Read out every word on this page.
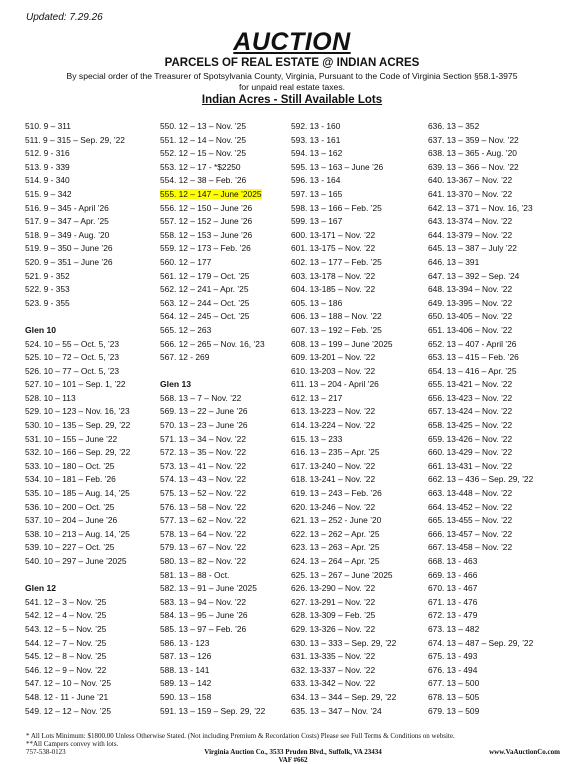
Updated: 7.29.26
AUCTION
PARCELS OF REAL ESTATE @ INDIAN ACRES
By special order of the Treasurer of Spotsylvania County, Virginia, Pursuant to the Code of Virginia Section §58.1-3975
for unpaid real estate taxes.
Indian Acres - Still Available Lots
510. 9 – 311
511. 9 – 315 – Sep. 29, ’22
512. 9 - 316
513. 9 - 339
514. 9 - 340
515. 9 – 342
516. 9 – 345 - April ’26
517. 9 – 347 – Apr. ’25
518. 9 – 349 - Aug. ’20
519. 9 – 350 – June ’26
520. 9 – 351 – June ’26
521. 9 - 352
522. 9 - 353
523. 9 - 355
Glen 10
524. 10 – 55 – Oct. 5, ’23
525. 10 – 72 – Oct. 5, ’23
526. 10 – 77 – Oct. 5, ’23
527. 10 – 101 – Sep. 1, ’22
528. 10 – 113
529. 10 – 123 – Nov. 16, ’23
530. 10 – 135 – Sep. 29, ’22
531. 10 – 155 – June ’22
532. 10 – 166 – Sep. 29, ’22
533. 10 – 180 – Oct. ’25
534. 10 – 181 – Feb. ’26
535. 10 – 185 – Aug. 14, ’25
536. 10 – 200 – Oct. ’25
537. 10 – 204 – June ’26
538. 10 – 213 – Aug. 14, ’25
539. 10 – 227 – Oct. ’25
540. 10 – 297 – June ’2025
Glen 12
541. 12 – 3 – Nov. ’25
542. 12 – 4 – Nov. ’25
543. 12 – 5 – Nov. ’25
544. 12 – 7 – Nov. ’25
545. 12 – 8 – Nov. ’25
546. 12 – 9 – Nov. ’22
547. 12 – 10 – Nov. ’25
548. 12 - 11 - June ’21
549. 12 – 12 – Nov. ’25
550. 12 – 13 – Nov. ’25
551. 12 – 14 – Nov. ’25
552. 12 – 15 – Nov. ’25
553. 12 – 17 - *$2250
554. 12 – 38 – Feb. ’26
555. 12 – 147 – June ’2025
556. 12 – 150 – June ’26
557. 12 – 152 – June ’26
558. 12 – 153 – June ’26
559. 12 – 173 – Feb. ’26
560. 12 – 177
561. 12 – 179 – Oct. ’25
562. 12 – 241 – Apr. ’25
563. 12 – 244 – Oct. ’25
564. 12 – 245 – Oct. ’25
565. 12 – 263
566. 12 – 265 – Nov. 16, ’23
567. 12 - 269
Glen 13
568. 13 – 7 – Nov. ’22
569. 13 – 22 – June ’26
570. 13 – 23 – June ’26
571. 13 – 34 – Nov. ’22
572. 13 – 35 – Nov. ’22
573. 13 – 41 – Nov. ’22
574. 13 – 43 – Nov. ’22
575. 13 – 52 – Nov. ’22
576. 13 – 58 – Nov. ’22
577. 13 – 62 – Nov. ’22
578. 13 – 64 – Nov. ’22
579. 13 – 67 – Nov. ’22
580. 13 – 82 – Nov. ’22
581. 13 – 88 - Oct.
582. 13 – 91 – June ’2025
583. 13 – 94 – Nov. ’22
584. 13 – 95 – June ’26
585. 13 – 97 – Feb. ’26
586. 13 - 123
587. 13 – 126
588. 13 - 141
589. 13 – 142
590. 13 – 158
591. 13 – 159 – Sep. 29, ’22
592. 13 - 160
593. 13 - 161
594. 13 – 162
595. 13 – 163 – June ’26
596. 13 - 164
597. 13 – 165
598. 13 – 166 – Feb. ’25
599. 13 – 167
600. 13-171 – Nov. ’22
601. 13-175 – Nov. ’22
602. 13 – 177 – Feb. ’25
603. 13-178 – Nov. ’22
604. 13-185 – Nov. ’22
605. 13 – 186
606. 13 – 188 – Nov. ’22
607. 13 – 192 – Feb. ’25
608. 13 – 199 – June ’2025
609. 13-201 – Nov. ’22
610. 13-203 – Nov. ’22
611. 13 – 204 - April ’26
612. 13 – 217
613. 13-223 – Nov. ’22
614. 13-224 – Nov. ’22
615. 13 – 233
616. 13 – 235 – Apr. ’25
617. 13-240 – Nov. ’22
618. 13-241 – Nov. ’22
619. 13 – 243 – Feb. ’26
620. 13-246 – Nov. ’22
621. 13 – 252 - June ’20
622. 13 – 262 – Apr. ’25
623. 13 – 263 – Apr. ’25
624. 13 – 264 – Apr. ’25
625. 13 – 267 – June ’2025
626. 13-290 – Nov. ’22
627. 13-291 – Nov. ’22
628. 13-309 – Feb. ’25
629. 13-326 – Nov. ’22
630. 13 – 333 – Sep. 29, ’22
631. 13-335 – Nov. ’22
632. 13-337 – Nov. ’22
633. 13-342 – Nov. ’22
634. 13 – 344 – Sep. 29, ’22
635. 13 – 347 – Nov. ’24
636. 13 – 352
637. 13 – 359 – Nov. ’22
638. 13 – 365 - Aug. ’20
639. 13 – 366 – Nov. ’22
640. 13-367 – Nov. ’22
641. 13-370 – Nov. ’22
642. 13 – 371 – Nov. 16, ’23
643. 13-374 – Nov. ’22
644. 13-379 – Nov. ’22
645. 13 – 387 – July ’22
646. 13 – 391
647. 13 – 392 – Sep. ’24
648. 13-394 – Nov. ’22
649. 13-395 – Nov. ’22
650. 13-405 – Nov. ’22
651. 13-406 – Nov. ’22
652. 13 – 407 - April ’26
653. 13 – 415 – Feb. ’26
654. 13 – 416 – Apr. ’25
655. 13-421 – Nov. ’22
656. 13-423 – Nov. ’22
657. 13-424 – Nov. ’22
658. 13-425 – Nov. ’22
659. 13-426 – Nov. ’22
660. 13-429 – Nov. ’22
661. 13-431 – Nov. ’22
662. 13 – 436 – Sep. 29, ’22
663. 13-448 – Nov. ’22
664. 13-452 – Nov. ’22
665. 13-455 – Nov. ’22
666. 13-457 – Nov. ’22
667. 13-458 – Nov. ’22
668. 13 - 463
669. 13 - 466
670. 13 - 467
671. 13 - 476
672. 13 - 479
673. 13 – 482
674. 13 – 487 – Sep. 29, ’22
675. 13 - 493
676. 13 - 494
677. 13 – 500
678. 13 – 505
679. 13 – 509
* All Lots Minimum: $1800.00 Unless Otherwise Stated. (Not including Premium & Recordation Costs) Please see Full Terms & Conditions on website.
**All Campers convey with lots.
757-538-0123	Virginia Auction Co., 3533 Pruden Blvd., Suffolk, VA 23434
VAF #662
www.VaAuctionCo.com
